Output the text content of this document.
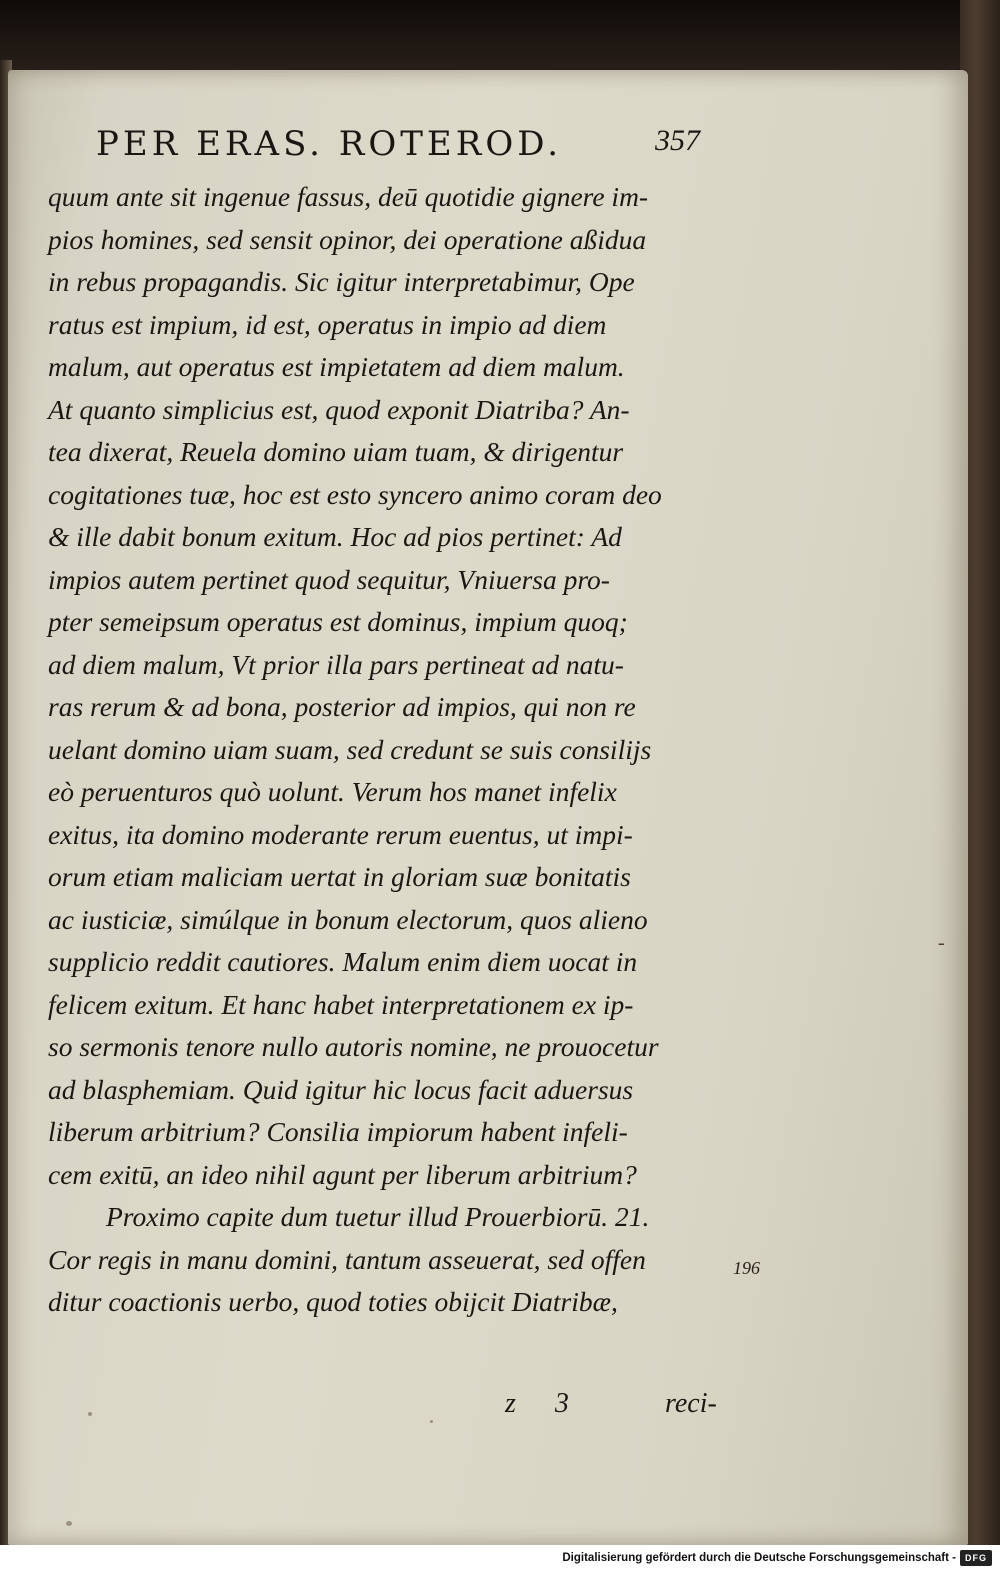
PER ERAS. ROTEROD.	357
quum ante sit ingenue fassus, deū quotidie gignere im-
pios homines, sed sensit opinor, dei operatione aßidua
in rebus propagandis. Sic igitur interpretabimur, Ope
ratus est impium, id est, operatus in impio ad diem
malum, aut operatus est impietatem ad diem malum.
At quanto simplicius est, quod exponit Diatriba? An-
tea dixerat, Reuela domino uiam tuam, & dirigentur
cogitationes tuæ, hoc est esto syncero animo coram deo
& ille dabit bonum exitum. Hoc ad pios pertinet: Ad
impios autem pertinet quod sequitur, Vniuersa pro-
pter semeipsum operatus est dominus, impium quoq;
ad diem malum, Vt prior illa pars pertineat ad natu-
ras rerum & ad bona, posterior ad impios, qui non re
uelant domino uiam suam, sed credunt se suis consilijs
eò peruenturos quò uolunt. Verum hos manet infelix
exitus, ita domino moderante rerum euentus, ut impi-
orum etiam maliciam uertat in gloriam suæ bonitatis
ac iusticiæ, simúlque in bonum electorum, quos alieno
supplicio reddit cautiores. Malum enim diem uocat in
felicem exitum. Et hanc habet interpretationem ex ip-
so sermonis tenore nullo autoris nomine, ne prouocetur
ad blasphemiam. Quid igitur hic locus facit aduersus
liberum arbitrium? Consilia impiorum habent infeli-
cem exitū, an ideo nihil agunt per liberum arbitrium?
Proximo capite dum tuetur illud Prouerbiorū. 21.
Cor regis in manu domini, tantum asseuerat, sed offen
ditur coactionis uerbo, quod toties obijcit Diatribæ,
196
-
z 3	reci-
Digitalisierung gefördert durch die Deutsche Forschungsgemeinschaft -	DFG
